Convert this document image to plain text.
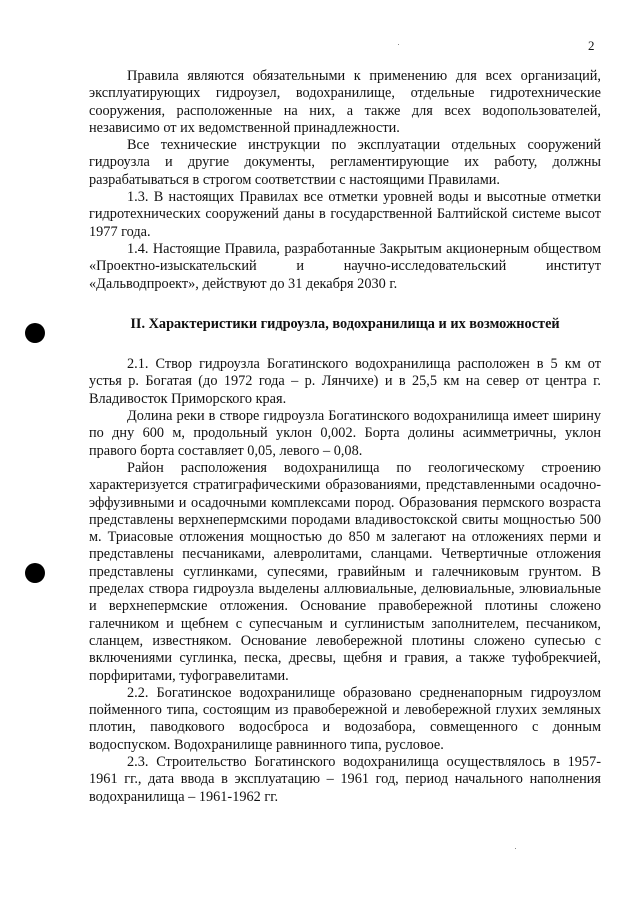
2

Правила являются обязательными к применению для всех организаций, эксплуатирующих гидроузел, водохранилище, отдельные гидротехнические сооружения, расположенные на них, а также для всех водопользователей, независимо от их ведомственной принадлежности.

Все технические инструкции по эксплуатации отдельных сооружений гидроузла и другие документы, регламентирующие их работу, должны разрабатываться в строгом соответствии с настоящими Правилами.

1.3. В настоящих Правилах все отметки уровней воды и высотные отметки гидротехнических сооружений даны в государственной Балтийской системе высот 1977 года.

1.4. Настоящие Правила, разработанные Закрытым акционерным обществом «Проектно-изыскательский и научно-исследовательский институт «Дальводпроект», действуют до 31 декабря 2030 г.

II. Характеристики гидроузла, водохранилища и их возможностей

2.1. Створ гидроузла Богатинского водохранилища расположен в 5 км от устья р. Богатая (до 1972 года – р. Лянчихе) и в 25,5 км на север от центра г. Владивосток Приморского края.

Долина реки в створе гидроузла Богатинского водохранилища имеет ширину по дну 600 м, продольный уклон 0,002. Борта долины асимметричны, уклон правого борта составляет 0,05, левого – 0,08.

Район расположения водохранилища по геологическому строению характеризуется стратиграфическими образованиями, представленными осадочно-эффузивными и осадочными комплексами пород. Образования пермского возраста представлены верхнепермскими породами владивостокской свиты мощностью 500 м. Триасовые отложения мощностью до 850 м залегают на отложениях перми и представлены песчаниками, алевролитами, сланцами. Четвертичные отложения представлены суглинками, супесями, гравийным и галечниковым грунтом. В пределах створа гидроузла выделены аллювиальные, делювиальные, элювиальные и верхнепермские отложения. Основание правобережной плотины сложено галечником и щебнем с супесчаным и суглинистым заполнителем, песчаником, сланцем, известняком. Основание левобережной плотины сложено супесью с включениями суглинка, песка, дресвы, щебня и гравия, а также туфобрекчией, порфиритами, туфогравелитами.

2.2. Богатинское водохранилище образовано средненапорным гидроузлом пойменного типа, состоящим из правобережной и левобережной глухих земляных плотин, паводкового водосброса и водозабора, совмещенного с донным водоспуском. Водохранилище равнинного типа, русловое.

2.3. Строительство Богатинского водохранилища осуществлялось в 1957-1961 гг., дата ввода в эксплуатацию – 1961 год, период начального наполнения водохранилища – 1961-1962 гг.
